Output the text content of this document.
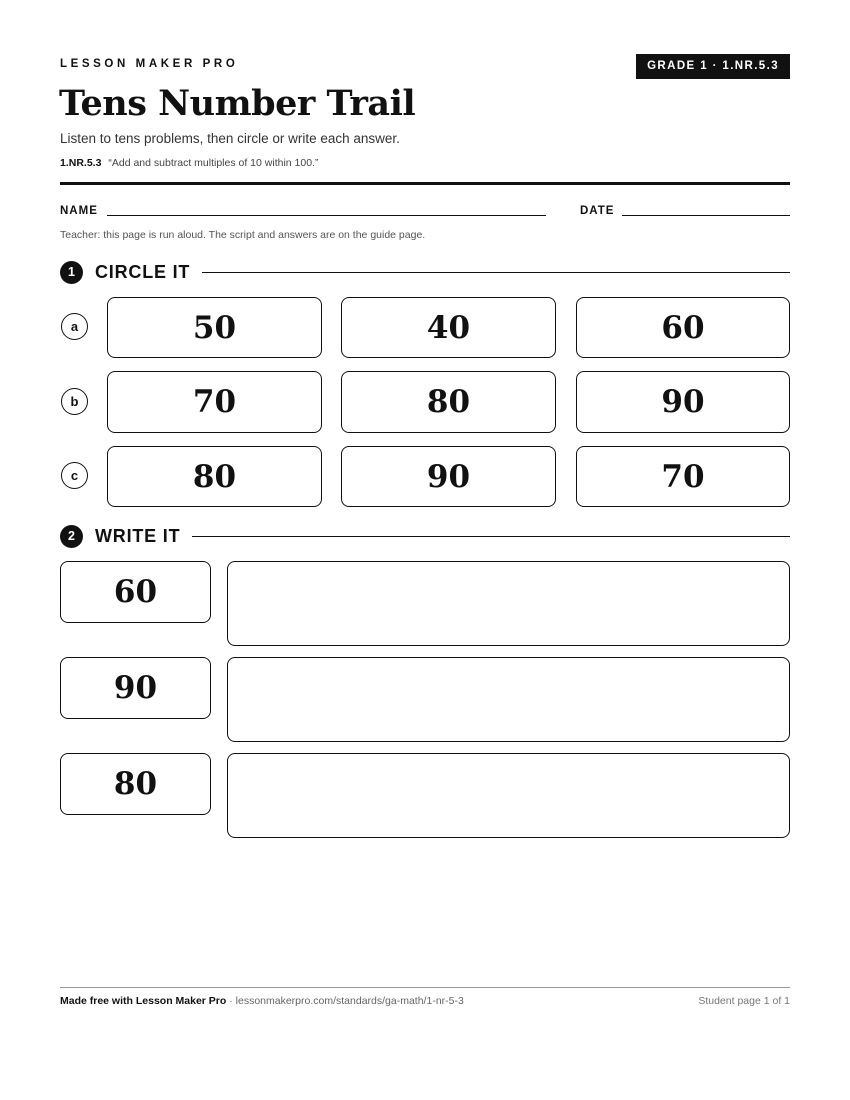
LESSON MAKER PRO	GRADE 1 · 1.NR.5.3
Tens Number Trail
Listen to tens problems, then circle or write each answer.
1.NR.5.3 “Add and subtract multiples of 10 within 100.”
NAME	DATE
Teacher: this page is run aloud. The script and answers are on the guide page.
1	CIRCLE IT
a	50	40	60
b	70	80	90
c	80	90	70
2	WRITE IT
60
90
80
Made free with Lesson Maker Pro · lessonmakerpro.com/standards/ga-math/1-nr-5-3	Student page 1 of 1
